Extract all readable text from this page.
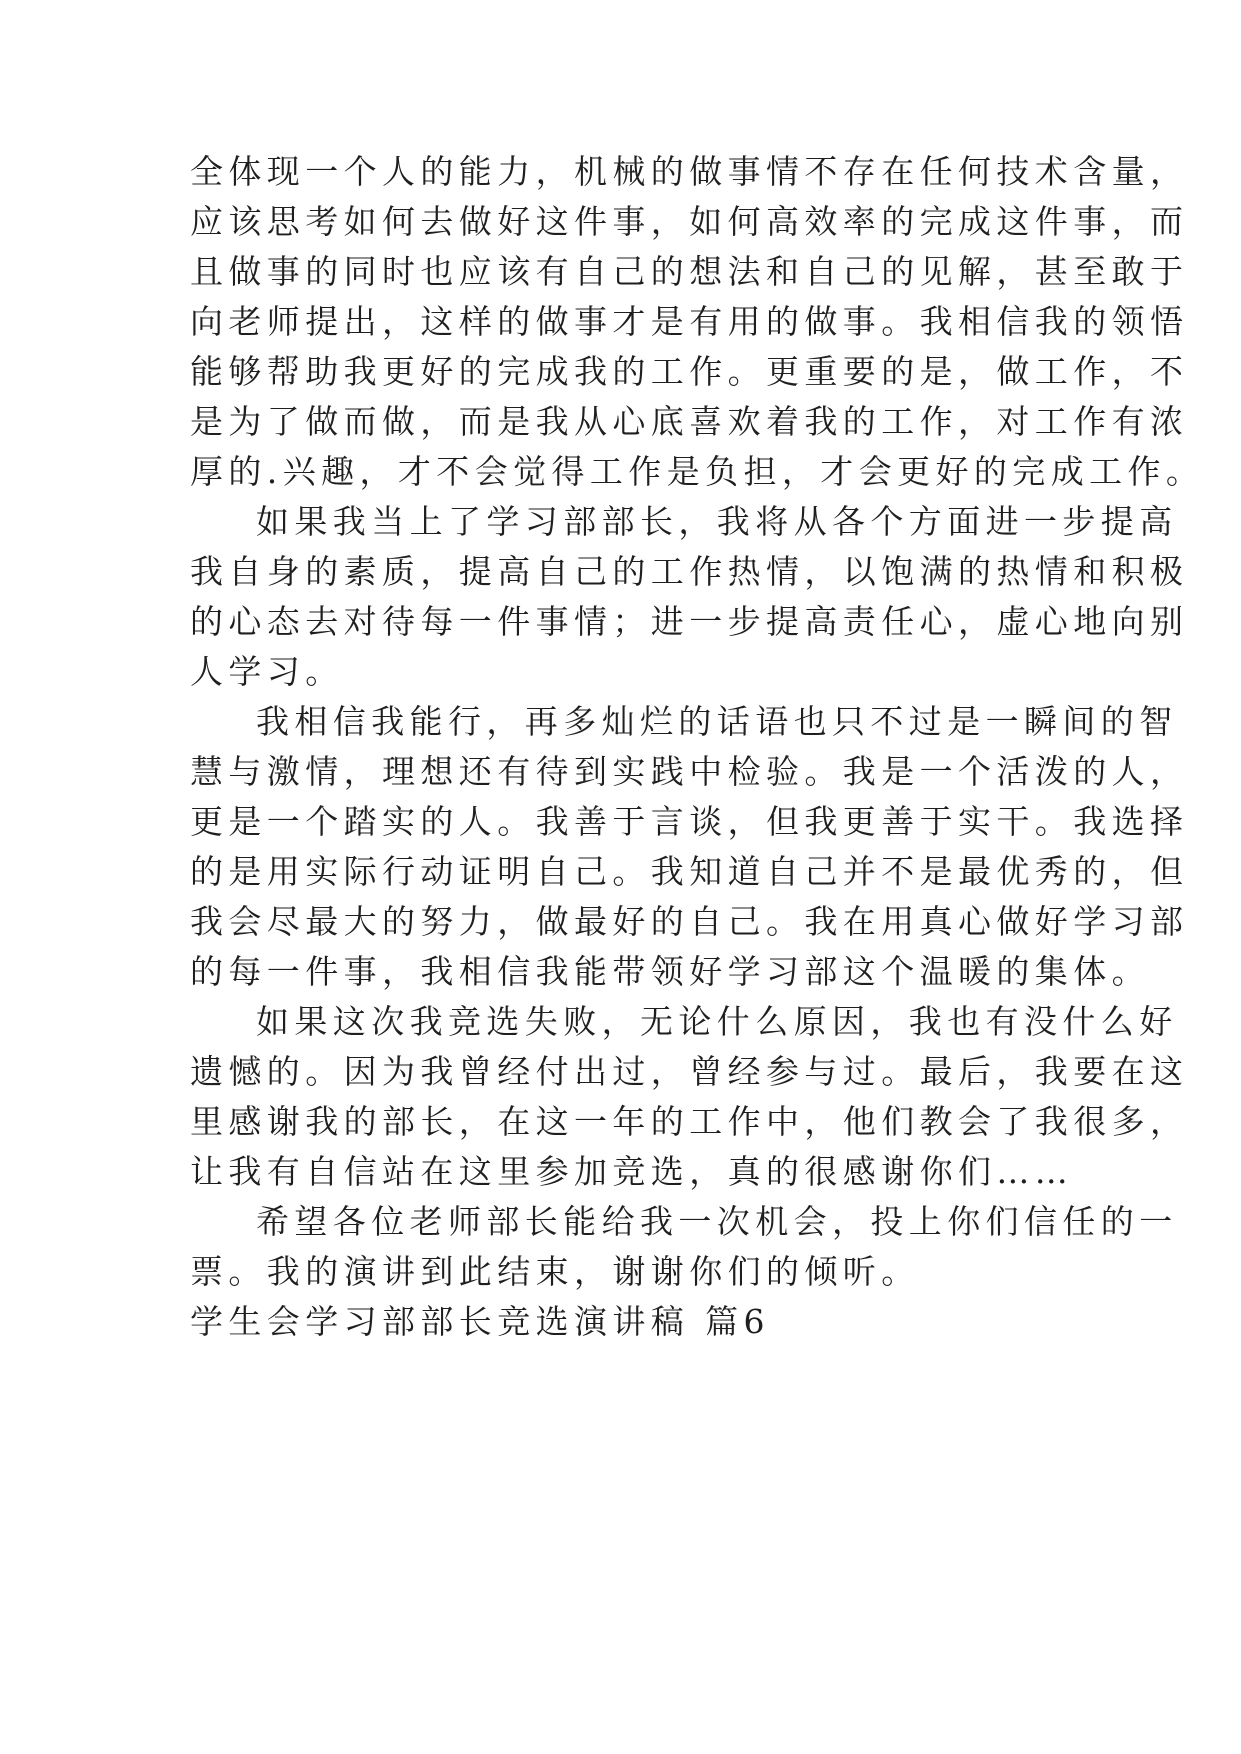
全体现一个人的能力，机械的做事情不存在任何技术含量，
应该思考如何去做好这件事，如何高效率的完成这件事，而
且做事的同时也应该有自己的想法和自己的见解，甚至敢于
向老师提出，这样的做事才是有用的做事。我相信我的领悟
能够帮助我更好的完成我的工作。更重要的是，做工作，不
是为了做而做，而是我从心底喜欢着我的工作，对工作有浓
厚的.兴趣，才不会觉得工作是负担，才会更好的完成工作。
如果我当上了学习部部长，我将从各个方面进一步提高
我自身的素质，提高自己的工作热情，以饱满的热情和积极
的心态去对待每一件事情；进一步提高责任心，虚心地向别
人学习。
我相信我能行，再多灿烂的话语也只不过是一瞬间的智
慧与激情，理想还有待到实践中检验。我是一个活泼的人，
更是一个踏实的人。我善于言谈，但我更善于实干。我选择
的是用实际行动证明自己。我知道自己并不是最优秀的，但
我会尽最大的努力，做最好的自己。我在用真心做好学习部
的每一件事，我相信我能带领好学习部这个温暖的集体。
如果这次我竞选失败，无论什么原因，我也有没什么好
遗憾的。因为我曾经付出过，曾经参与过。最后，我要在这
里感谢我的部长，在这一年的工作中，他们教会了我很多，
让我有自信站在这里参加竞选，真的很感谢你们……
希望各位老师部长能给我一次机会，投上你们信任的一
票。我的演讲到此结束，谢谢你们的倾听。
学生会学习部部长竞选演讲稿 篇6
